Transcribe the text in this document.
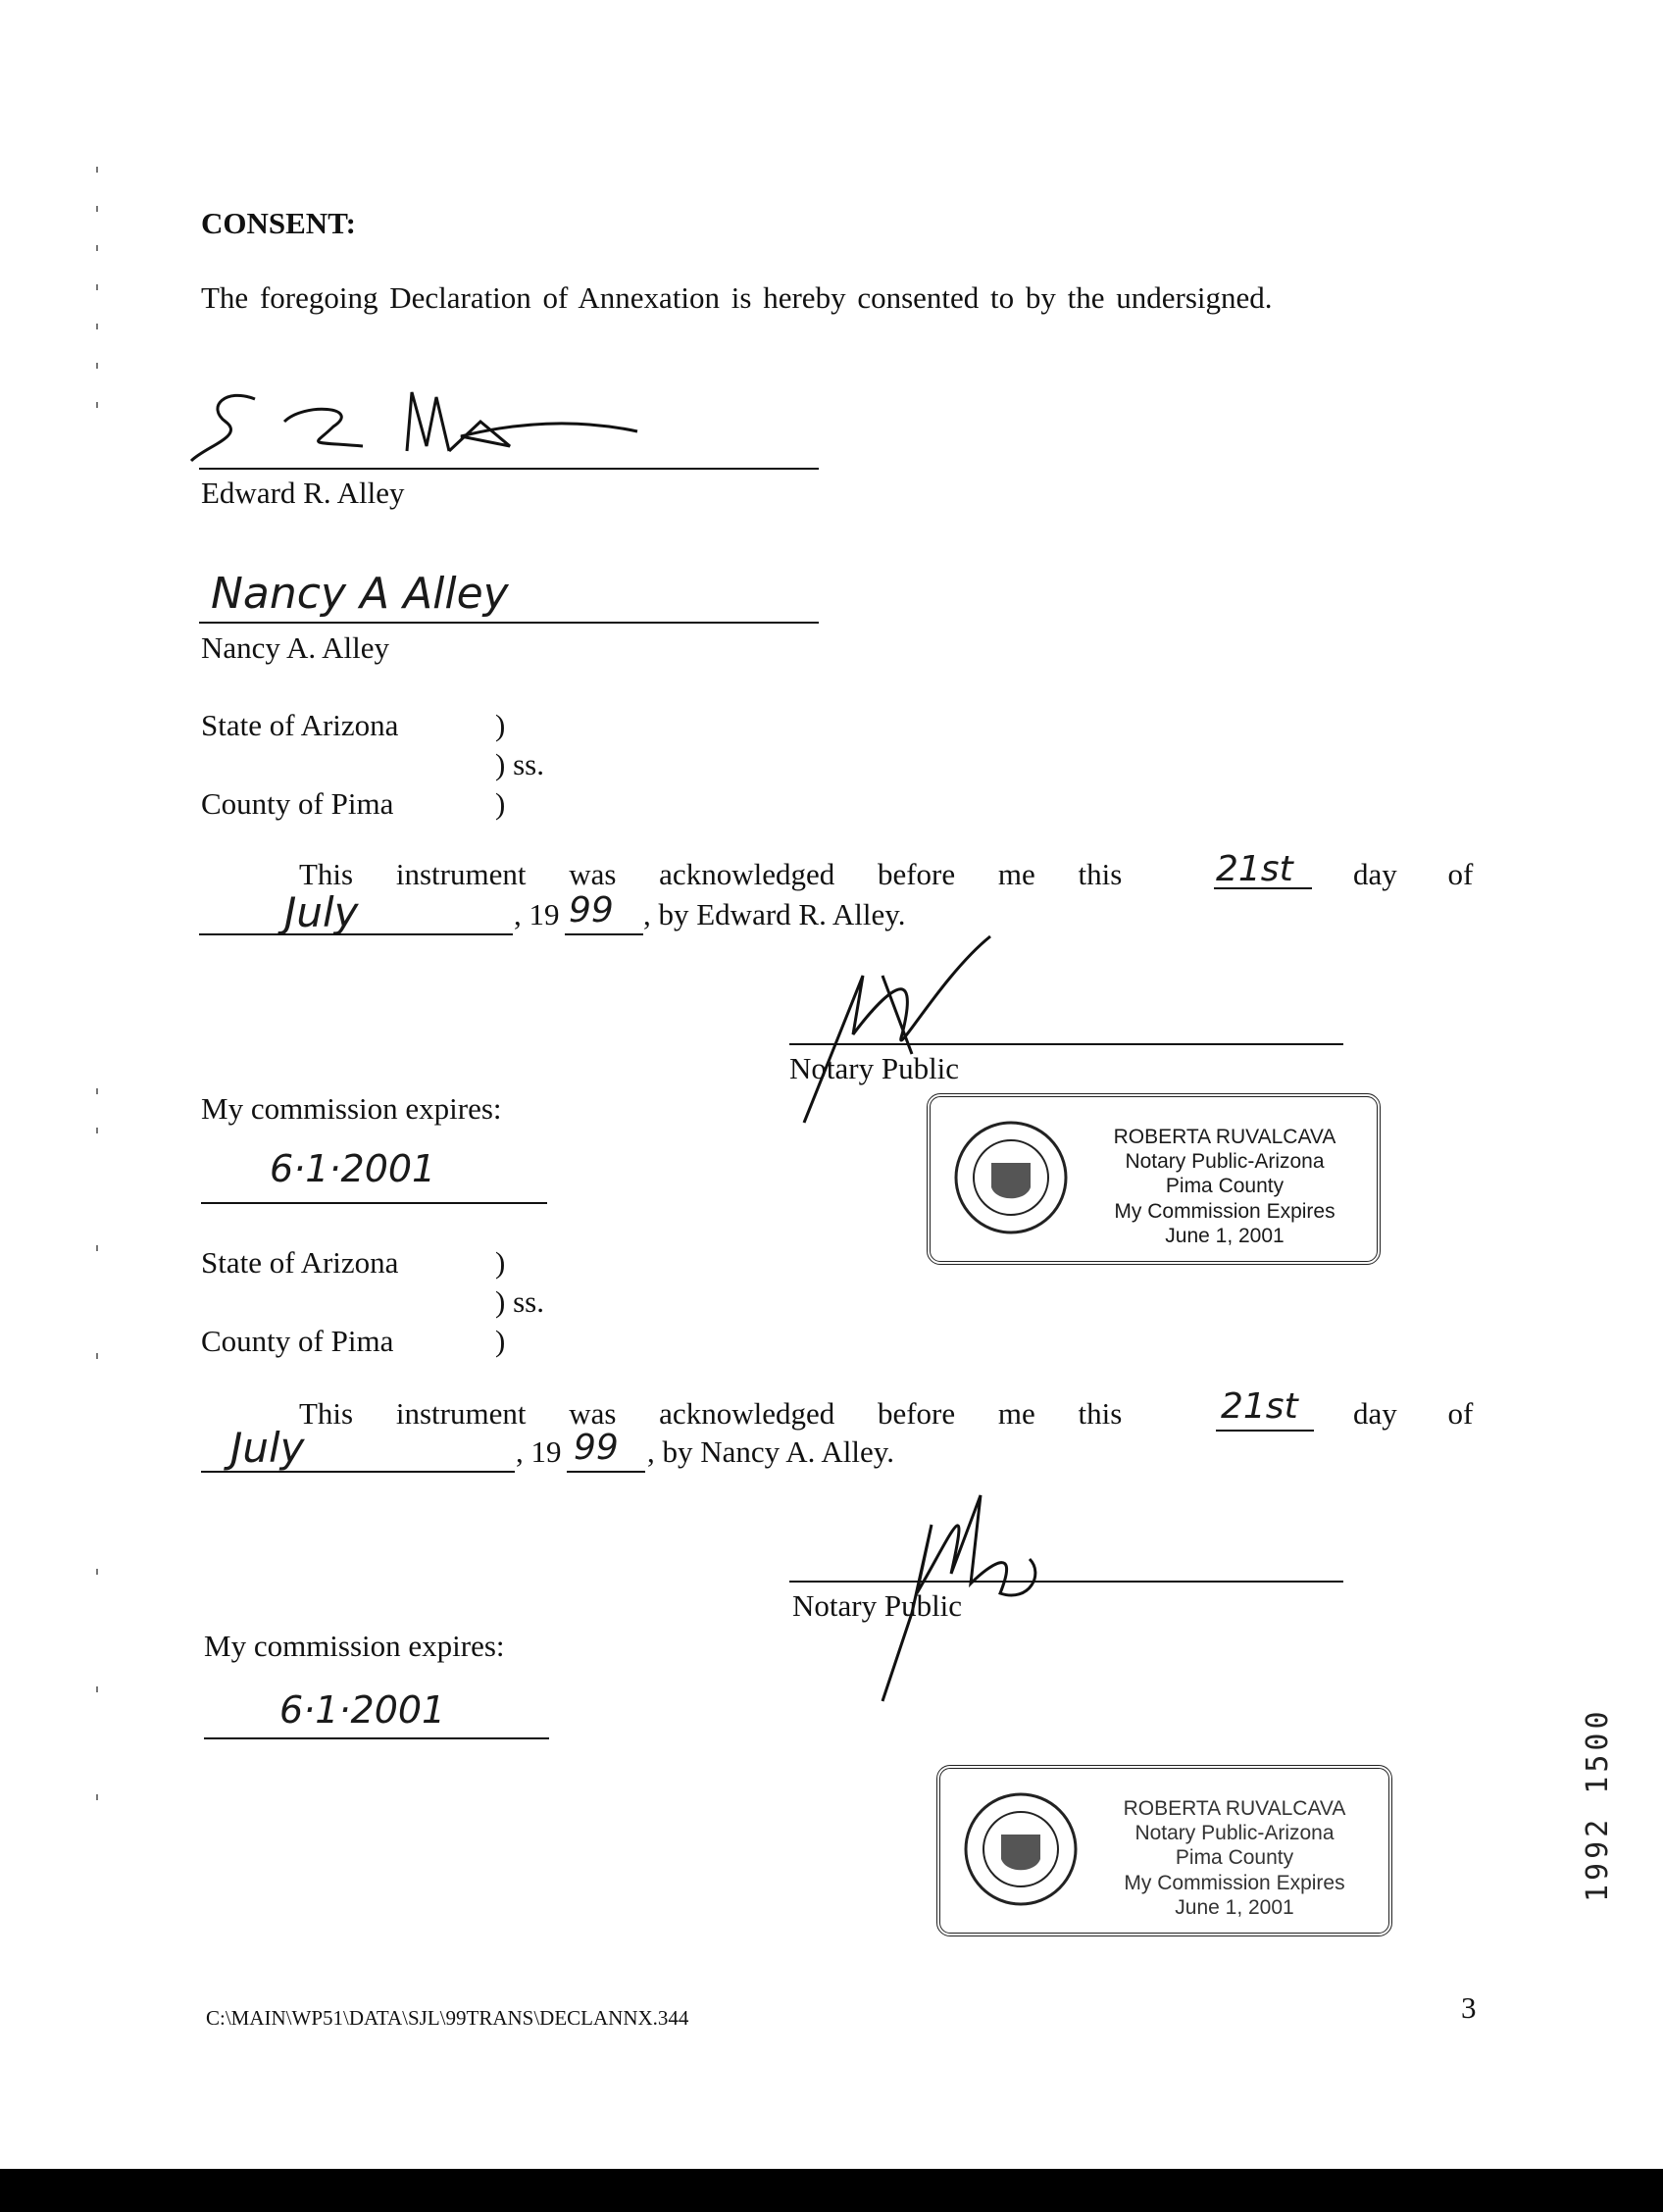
CONSENT:
The foregoing Declaration of Annexation is hereby consented to by the undersigned.
Edward R. Alley
Nancy A Alley
Nancy A. Alley
State of Arizona	)
) ss.
County of Pima	)
This instrument was acknowledged before me this	21st day of
July	, 19 99 , by Edward R. Alley.
Notary Public
My commission expires:
6·1·2001
ROBERTA RUVALCAVA
Notary Public-Arizona
Pima County
My Commission Expires
June 1, 2001
State of Arizona	)
) ss.
County of Pima	)
This instrument was acknowledged before me this	21st day of
July	, 19 99 , by Nancy A. Alley.
Notary Public
My commission expires:
6·1·2001
ROBERTA RUVALCAVA
Notary Public-Arizona
Pima County
My Commission Expires
June 1, 2001
1992 1500
C:\MAIN\WP51\DATA\SJL\99TRANS\DECLANNX.344	3
